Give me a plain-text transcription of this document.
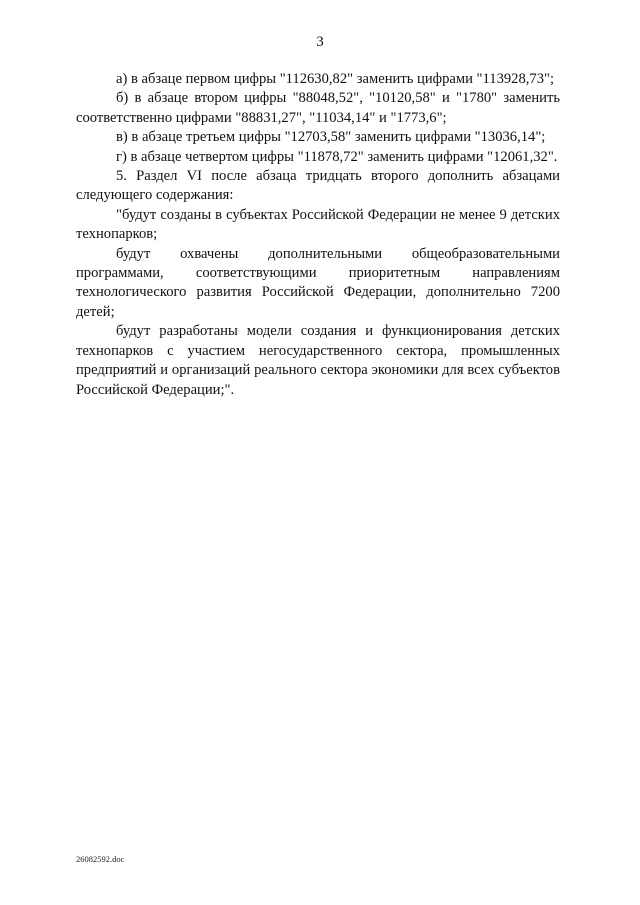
3

а) в абзаце первом цифры "112630,82" заменить цифрами "113928,73";

б) в абзаце втором цифры "88048,52", "10120,58" и "1780" заменить соответственно цифрами "88831,27", "11034,14" и "1773,6";

в) в абзаце третьем цифры "12703,58" заменить цифрами "13036,14";

г) в абзаце четвертом цифры "11878,72" заменить цифрами "12061,32".

5. Раздел VI после абзаца тридцать второго дополнить абзацами следующего содержания:

"будут созданы в субъектах Российской Федерации не менее 9 детских технопарков;

будут охвачены дополнительными общеобразовательными программами, соответствующими приоритетным направлениям технологического развития Российской Федерации, дополнительно 7200 детей;

будут разработаны модели создания и функционирования детских технопарков с участием негосударственного сектора, промышленных предприятий и организаций реального сектора экономики для всех субъектов Российской Федерации;".

26082592.doc
